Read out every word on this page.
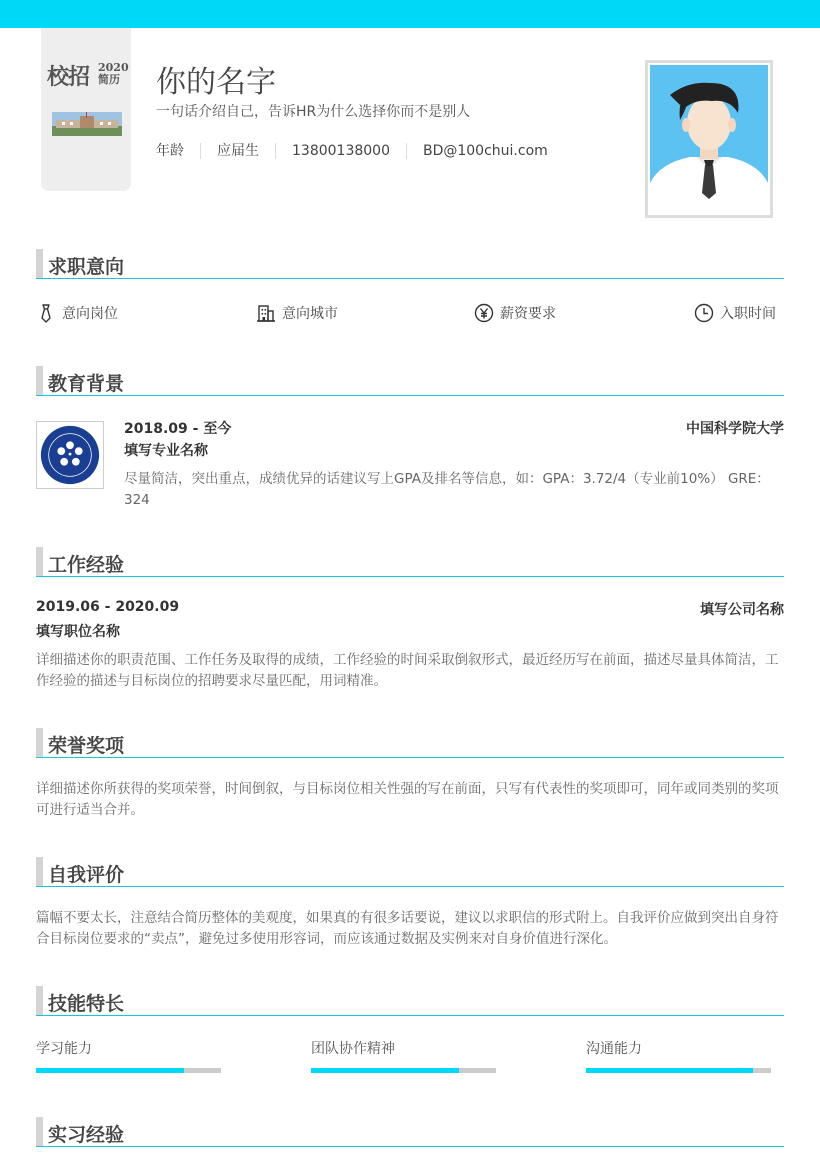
校招 2020
简历 你的名字
一句话介绍自己，告诉HR为什么选择你而不是别人
年龄	应届生	13800138000	BD@100chui.com
求职意向
意向岗位	意向城市	薪资要求	入职时间
教育背景
2018.09 - 至今	中国科学院大学
填写专业名称
尽量简洁，突出重点，成绩优异的话建议写上GPA及排名等信息，如：GPA：3.72/4（专业前10%） GRE：324
工作经验
2019.06 - 2020.09	填写公司名称
填写职位名称
详细描述你的职责范围、工作任务及取得的成绩，工作经验的时间采取倒叙形式，最近经历写在前面，描述尽量具体简洁，工作经验的描述与目标岗位的招聘要求尽量匹配，用词精准。
荣誉奖项
详细描述你所获得的奖项荣誉，时间倒叙，与目标岗位相关性强的写在前面，只写有代表性的奖项即可，同年或同类别的奖项可进行适当合并。
自我评价
篇幅不要太长，注意结合简历整体的美观度，如果真的有很多话要说，建议以求职信的形式附上。自我评价应做到突出自身符合目标岗位要求的“卖点”，避免过多使用形容词，而应该通过数据及实例来对自身价值进行深化。
技能特长
学习能力	团队协作精神	沟通能力
实习经验
